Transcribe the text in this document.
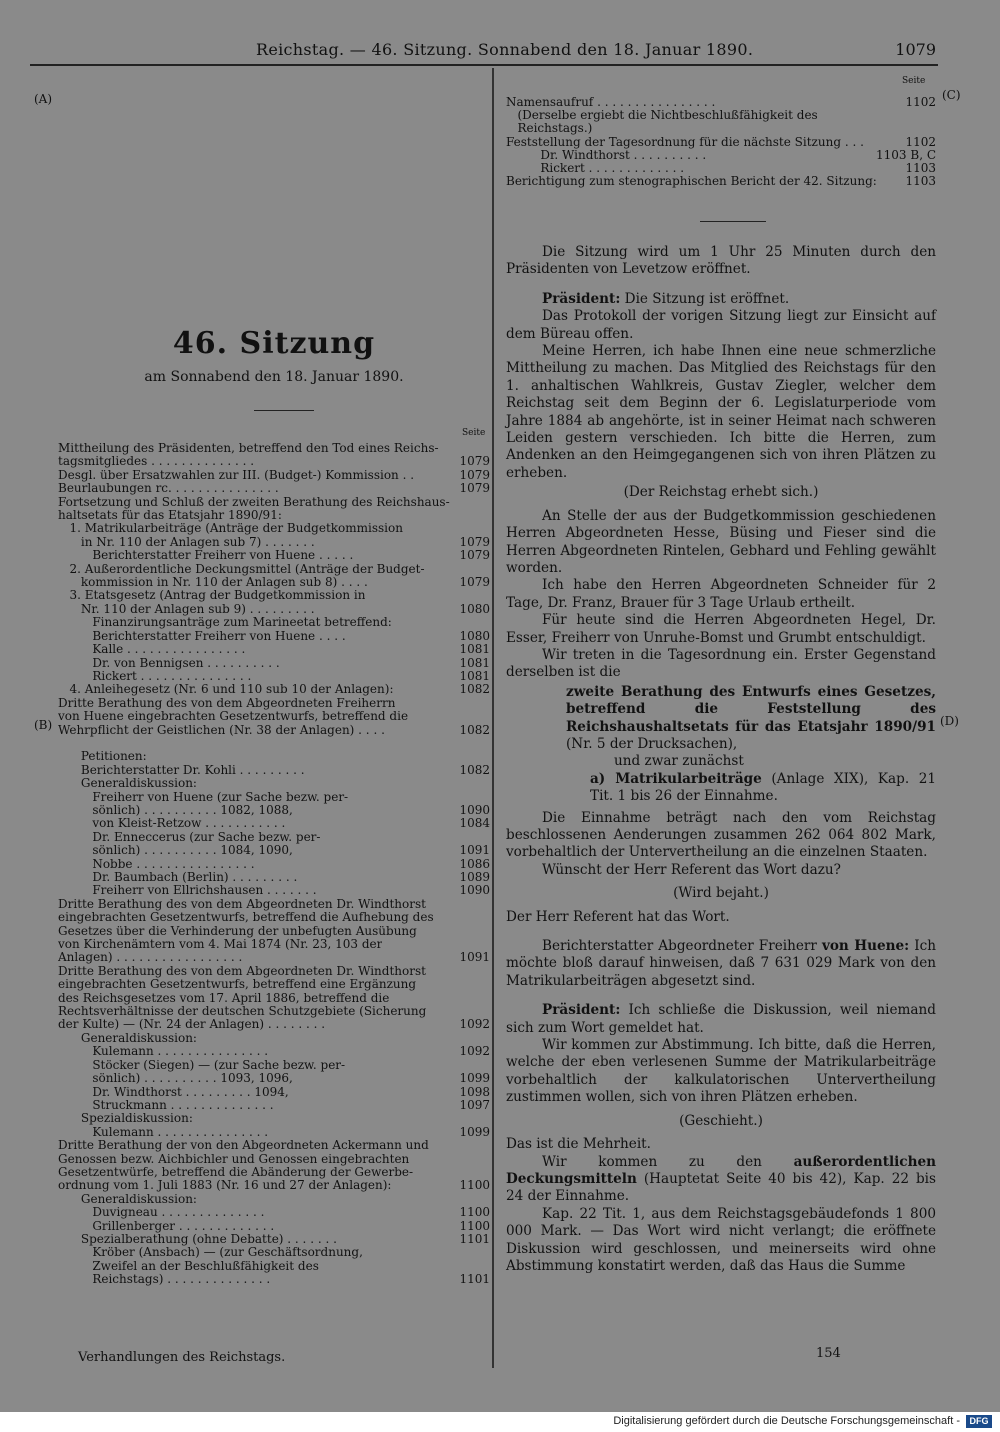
Reichstag. — 46. Sitzung. Sonnabend den 18. Januar 1890.	1079
(A)
(B)
(C)
(D)
Seite
Namensaufruf . . . . . . . . . . . . . . . .	1102
(Derselbe ergiebt die Nichtbeschlußfähigkeit des
Reichstags.)
Feststellung der Tagesordnung für die nächste Sitzung . . .	1102
Dr. Windthorst . . . . . . . . . .	1103 B, C
Rickert . . . . . . . . . . . . .	1103
Berichtigung zum stenographischen Bericht der 42. Sitzung:	1103
46. Sitzung
am Sonnabend den 18. Januar 1890.
Seite
Mittheilung des Präsidenten, betreffend den Tod eines Reichs-
tagsmitgliedes . . . . . . . . . . . . . .	1079
Desgl. über Ersatzwahlen zur III. (Budget-) Kommission . .	1079
Beurlaubungen rc. . . . . . . . . . . . . . .	1079
Fortsetzung und Schluß der zweiten Berathung des Reichshaus-
haltsetats für das Etatsjahr 1890/91:
1. Matrikularbeiträge (Anträge der Budgetkommission
in Nr. 110 der Anlagen sub 7) . . . . . . .	1079
Berichterstatter Freiherr von Huene . . . . .	1079
2. Außerordentliche Deckungsmittel (Anträge der Budget-
kommission in Nr. 110 der Anlagen sub 8) . . . .	1079
3. Etatsgesetz (Antrag der Budgetkommission in
Nr. 110 der Anlagen sub 9) . . . . . . . . .	1080
Finanzirungsanträge zum Marineetat betreffend:
Berichterstatter Freiherr von Huene . . . .	1080
Kalle . . . . . . . . . . . . . . . .	1081
Dr. von Bennigsen . . . . . . . . . .	1081
Rickert . . . . . . . . . . . . . . .	1081
4. Anleihegesetz (Nr. 6 und 110 sub 10 der Anlagen):	1082
Dritte Berathung des von dem Abgeordneten Freiherrn
von Huene eingebrachten Gesetzentwurfs, betreffend die
Wehrpflicht der Geistlichen (Nr. 38 der Anlagen) . . . .	1082

Petitionen:
Berichterstatter Dr. Kohli . . . . . . . . .	1082
Generaldiskussion:
Freiherr von Huene (zur Sache bezw. per-
sönlich) . . . . . . . . . . 1082, 1088,	1090
von Kleist-Retzow . . . . . . . . . . .	1084
Dr. Enneccerus (zur Sache bezw. per-
sönlich) . . . . . . . . . . 1084, 1090,	1091
Nobbe . . . . . . . . . . . . . . . .	1086
Dr. Baumbach (Berlin) . . . . . . . . .	1089
Freiherr von Ellrichshausen . . . . . . .	1090
Dritte Berathung des von dem Abgeordneten Dr. Windthorst
eingebrachten Gesetzentwurfs, betreffend die Aufhebung des
Gesetzes über die Verhinderung der unbefugten Ausübung
von Kirchenämtern vom 4. Mai 1874 (Nr. 23, 103 der
Anlagen) . . . . . . . . . . . . . . . . .	1091
Dritte Berathung des von dem Abgeordneten Dr. Windthorst
eingebrachten Gesetzentwurfs, betreffend eine Ergänzung
des Reichsgesetzes vom 17. April 1886, betreffend die
Rechtsverhältnisse der deutschen Schutzgebiete (Sicherung
der Kulte) — (Nr. 24 der Anlagen) . . . . . . . .	1092
Generaldiskussion:
Kulemann . . . . . . . . . . . . . . .	1092
Stöcker (Siegen) — (zur Sache bezw. per-
sönlich) . . . . . . . . . . 1093, 1096,	1099
Dr. Windthorst . . . . . . . . . 1094,	1098
Struckmann . . . . . . . . . . . . . .	1097
Spezialdiskussion:
Kulemann . . . . . . . . . . . . . . .	1099
Dritte Berathung der von den Abgeordneten Ackermann und
Genossen bezw. Aichbichler und Genossen eingebrachten
Gesetzentwürfe, betreffend die Abänderung der Gewerbe-
ordnung vom 1. Juli 1883 (Nr. 16 und 27 der Anlagen):	1100
Generaldiskussion:
Duvigneau . . . . . . . . . . . . . .	1100
Grillenberger . . . . . . . . . . . . .	1100
Spezialberathung (ohne Debatte) . . . . . . .	1101
Kröber (Ansbach) — (zur Geschäftsordnung,
Zweifel an der Beschlußfähigkeit des
Reichstags) . . . . . . . . . . . . . .	1101

Die Sitzung wird um 1 Uhr 25 Minuten durch den Präsidenten von Levetzow eröffnet.

Präsident: Die Sitzung ist eröffnet.

Das Protokoll der vorigen Sitzung liegt zur Einsicht auf dem Büreau offen.

Meine Herren, ich habe Ihnen eine neue schmerzliche Mittheilung zu machen. Das Mitglied des Reichstags für den 1. anhaltischen Wahlkreis, Gustav Ziegler, welcher dem Reichstag seit dem Beginn der 6. Legislaturperiode vom Jahre 1884 ab angehörte, ist in seiner Heimat nach schweren Leiden gestern verschieden. Ich bitte die Herren, zum Andenken an den Heimgegangenen sich von ihren Plätzen zu erheben.

(Der Reichstag erhebt sich.)

An Stelle der aus der Budgetkommission geschiedenen Herren Abgeordneten Hesse, Büsing und Fieser sind die Herren Abgeordneten Rintelen, Gebhard und Fehling gewählt worden.

Ich habe den Herren Abgeordneten Schneider für 2 Tage, Dr. Franz, Brauer für 3 Tage Urlaub ertheilt.

Für heute sind die Herren Abgeordneten Hegel, Dr. Esser, Freiherr von Unruhe-Bomst und Grumbt entschuldigt.

Wir treten in die Tagesordnung ein. Erster Gegenstand derselben ist die

zweite Berathung des Entwurfs eines Gesetzes, betreffend die Feststellung des Reichshaushaltsetats für das Etatsjahr 1890/91 (Nr. 5 der Drucksachen),

und zwar zunächst

a) Matrikularbeiträge (Anlage XIX), Kap. 21 Tit. 1 bis 26 der Einnahme.

Die Einnahme beträgt nach den vom Reichstag beschlossenen Aenderungen zusammen 262 064 802 Mark, vorbehaltlich der Untervertheilung an die einzelnen Staaten.

Wünscht der Herr Referent das Wort dazu?

(Wird bejaht.)

Der Herr Referent hat das Wort.

Berichterstatter Abgeordneter Freiherr von Huene: Ich möchte bloß darauf hinweisen, daß 7 631 029 Mark von den Matrikularbeiträgen abgesetzt sind.

Präsident: Ich schließe die Diskussion, weil niemand sich zum Wort gemeldet hat.

Wir kommen zur Abstimmung. Ich bitte, daß die Herren, welche der eben verlesenen Summe der Matrikularbeiträge vorbehaltlich der kalkulatorischen Untervertheilung zustimmen wollen, sich von ihren Plätzen erheben.

(Geschieht.)

Das ist die Mehrheit.

Wir kommen zu den außerordentlichen Deckungsmitteln (Hauptetat Seite 40 bis 42), Kap. 22 bis 24 der Einnahme.

Kap. 22 Tit. 1, aus dem Reichstagsgebäudefonds 1 800 000 Mark. — Das Wort wird nicht verlangt; die eröffnete Diskussion wird geschlossen, und meinerseits wird ohne Abstimmung konstatirt werden, daß das Haus die Summe

Verhandlungen des Reichstags.	154
Digitalisierung gefördert durch die Deutsche Forschungsgemeinschaft -	DFG
